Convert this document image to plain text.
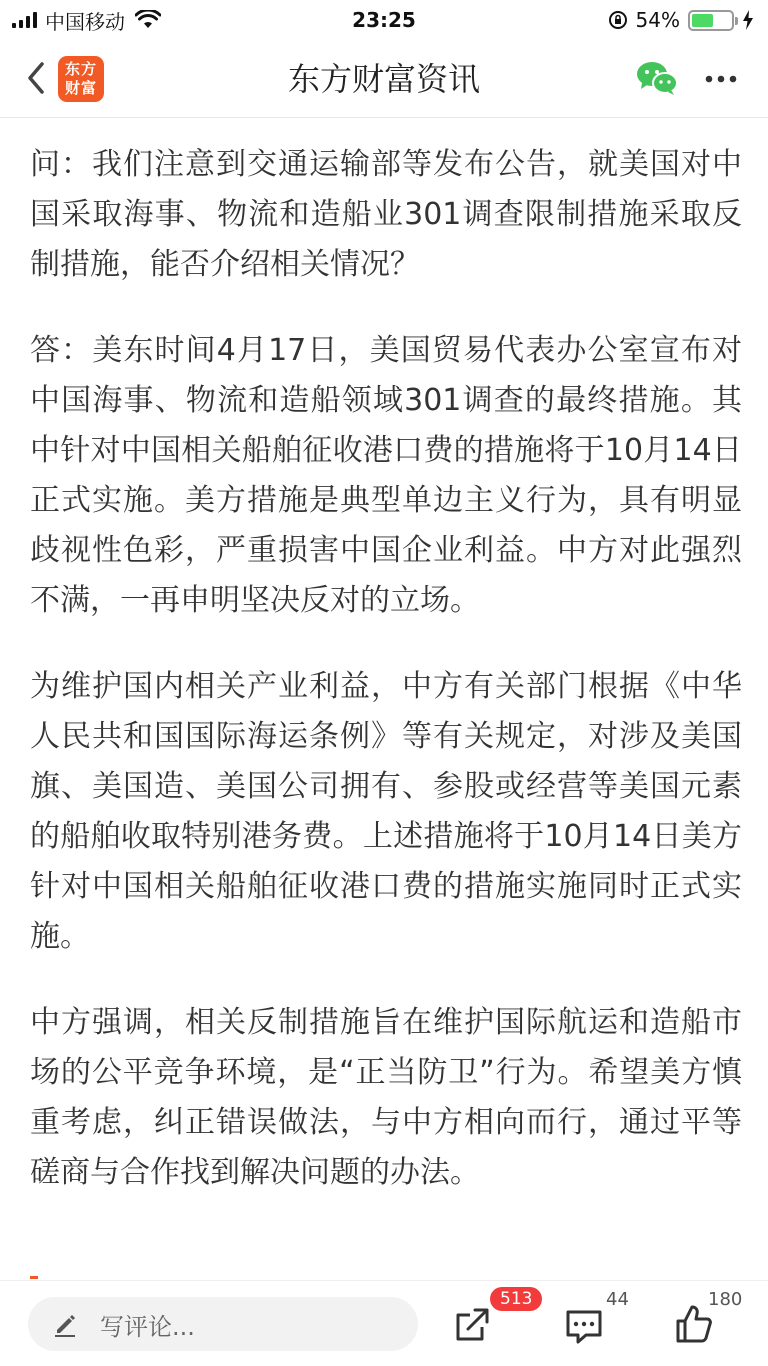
中国移动	23:25	54%
东方
财富	东方财富资讯

问：我们注意到交通运输部等发布公告，就美国对中国采取海事、物流和造船业301调查限制措施采取反制措施，能否介绍相关情况？

答：美东时间4月17日，美国贸易代表办公室宣布对中国海事、物流和造船领域301调查的最终措施。其中针对中国相关船舶征收港口费的措施将于10月14日正式实施。美方措施是典型单边主义行为，具有明显歧视性色彩，严重损害中国企业利益。中方对此强烈不满，一再申明坚决反对的立场。

为维护国内相关产业利益，中方有关部门根据《中华人民共和国国际海运条例》等有关规定，对涉及美国旗、美国造、美国公司拥有、参股或经营等美国元素的船舶收取特别港务费。上述措施将于10月14日美方针对中国相关船舶征收港口费的措施实施同时正式实施。

中方强调，相关反制措施旨在维护国际航运和造船市场的公平竞争环境，是“正当防卫”行为。希望美方慎重考虑，纠正错误做法，与中方相向而行，通过平等磋商与合作找到解决问题的办法。

写评论...
513	44	180
